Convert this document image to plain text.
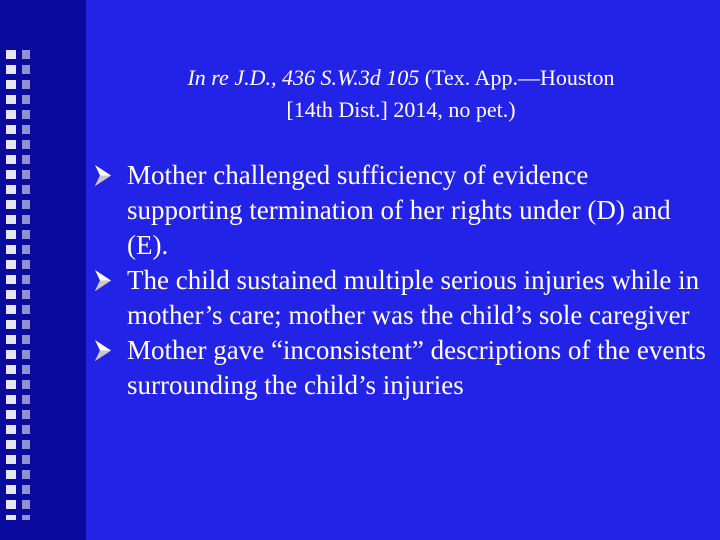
In re J.D., 436 S.W.3d 105 (Tex. App.—Houston
[14th Dist.] 2014, no pet.)
Mother challenged sufficiency of evidence supporting termination of her rights under (D) and (E).
The child sustained multiple serious injuries while in mother’s care; mother was the child’s sole caregiver
Mother gave “inconsistent” descriptions of the events surrounding the child’s injuries
